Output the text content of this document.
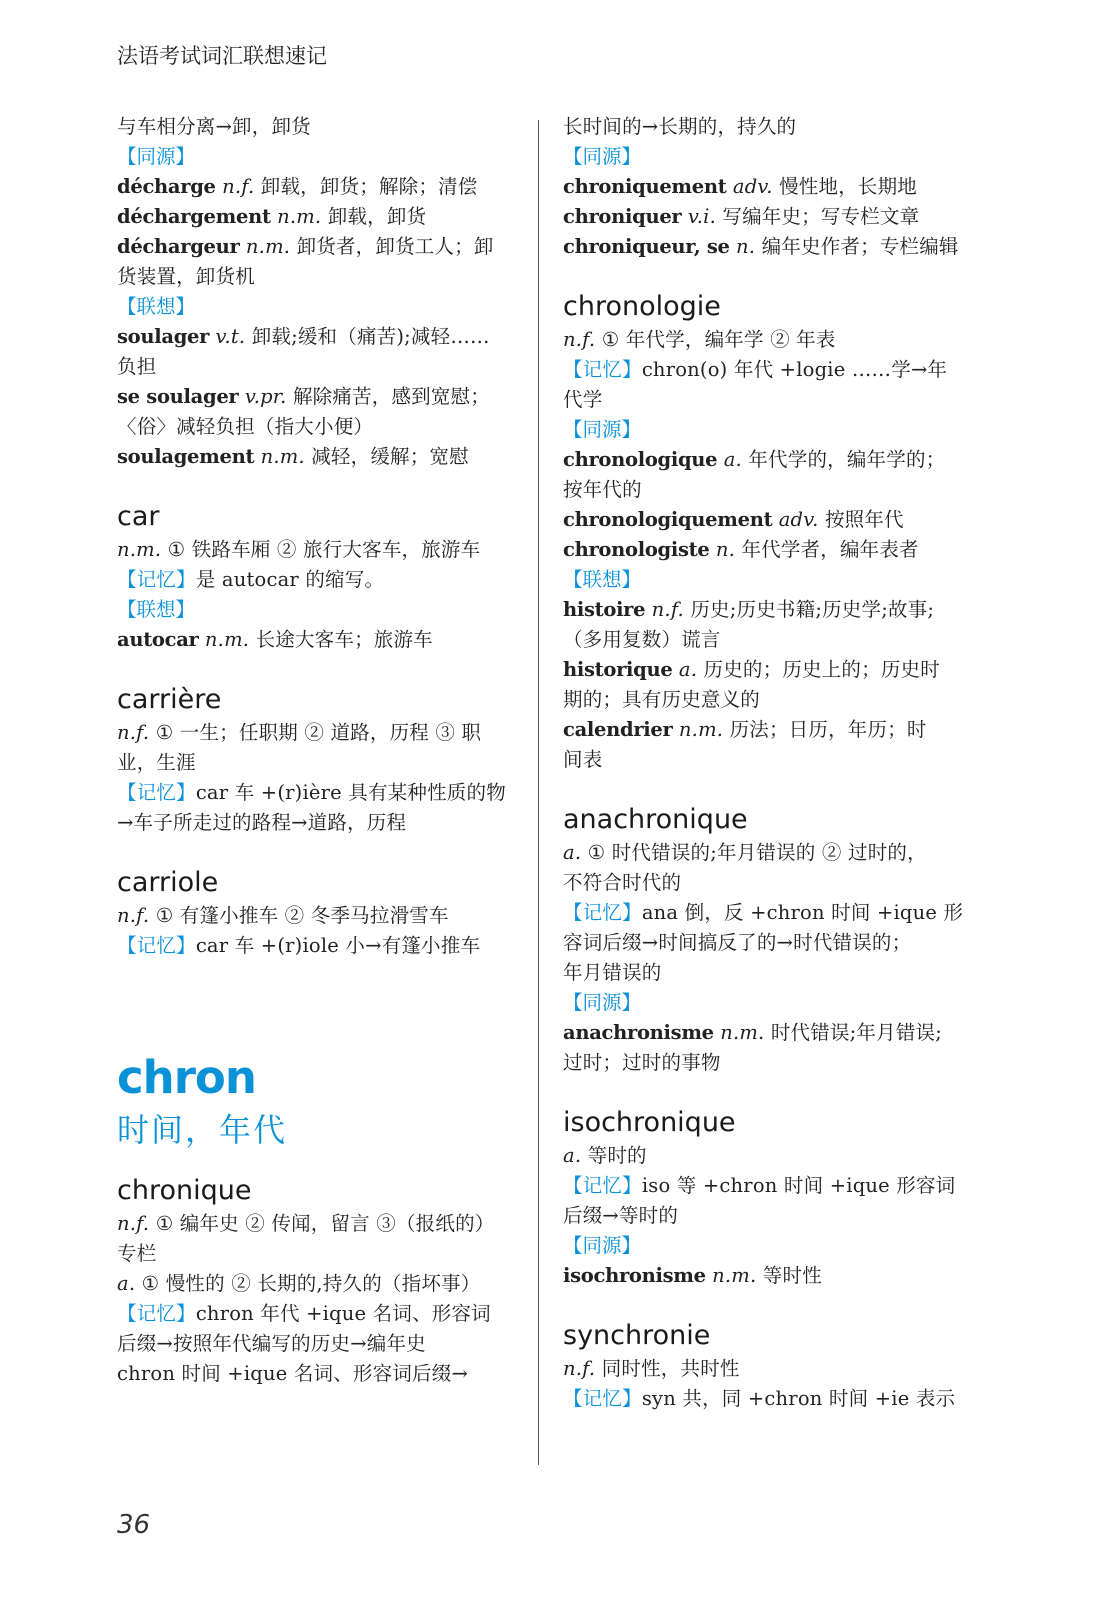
法语考试词汇联想速记
与车相分离→卸，卸货
【同源】
décharge n.f. 卸载，卸货；解除；清偿
déchargement n.m. 卸载，卸货
déchargeur n.m. 卸货者，卸货工人；卸
货装置，卸货机
【联想】
soulager v.t. 卸载;缓和（痛苦);减轻……
负担
se soulager v.pr. 解除痛苦，感到宽慰；
〈俗〉减轻负担（指大小便）
soulagement n.m. 减轻，缓解；宽慰
car
n.m. ① 铁路车厢 ② 旅行大客车，旅游车
【记忆】是 autocar 的缩写。
【联想】
autocar n.m. 长途大客车；旅游车
carrière
n.f. ① 一生；任职期 ② 道路，历程 ③ 职
业，生涯
【记忆】car 车 +(r)ière 具有某种性质的物
→车子所走过的路程→道路，历程
carriole
n.f. ① 有篷小推车 ② 冬季马拉滑雪车
【记忆】car 车 +(r)iole 小→有篷小推车
chron
时间，年代
chronique
n.f. ① 编年史 ② 传闻，留言 ③（报纸的）
专栏
a. ① 慢性的 ② 长期的,持久的（指坏事）
【记忆】chron 年代 +ique 名词、形容词
后缀→按照年代编写的历史→编年史
chron 时间 +ique 名词、形容词后缀→
长时间的→长期的，持久的
【同源】
chroniquement adv. 慢性地，长期地
chroniquer v.i. 写编年史；写专栏文章
chroniqueur, se n. 编年史作者；专栏编辑
chronologie
n.f. ① 年代学，编年学 ② 年表
【记忆】chron(o) 年代 +logie ……学→年
代学
【同源】
chronologique a. 年代学的，编年学的；
按年代的
chronologiquement adv. 按照年代
chronologiste n. 年代学者，编年表者
【联想】
histoire n.f. 历史;历史书籍;历史学;故事;
（多用复数）谎言
historique a. 历史的；历史上的；历史时
期的；具有历史意义的
calendrier n.m. 历法；日历，年历；时
间表
anachronique
a. ① 时代错误的;年月错误的 ② 过时的，
不符合时代的
【记忆】ana 倒，反 +chron 时间 +ique 形
容词后缀→时间搞反了的→时代错误的；
年月错误的
【同源】
anachronisme n.m. 时代错误;年月错误;
过时；过时的事物
isochronique
a. 等时的
【记忆】iso 等 +chron 时间 +ique 形容词
后缀→等时的
【同源】
isochronisme n.m. 等时性
synchronie
n.f. 同时性，共时性
【记忆】syn 共，同 +chron 时间 +ie 表示
36
